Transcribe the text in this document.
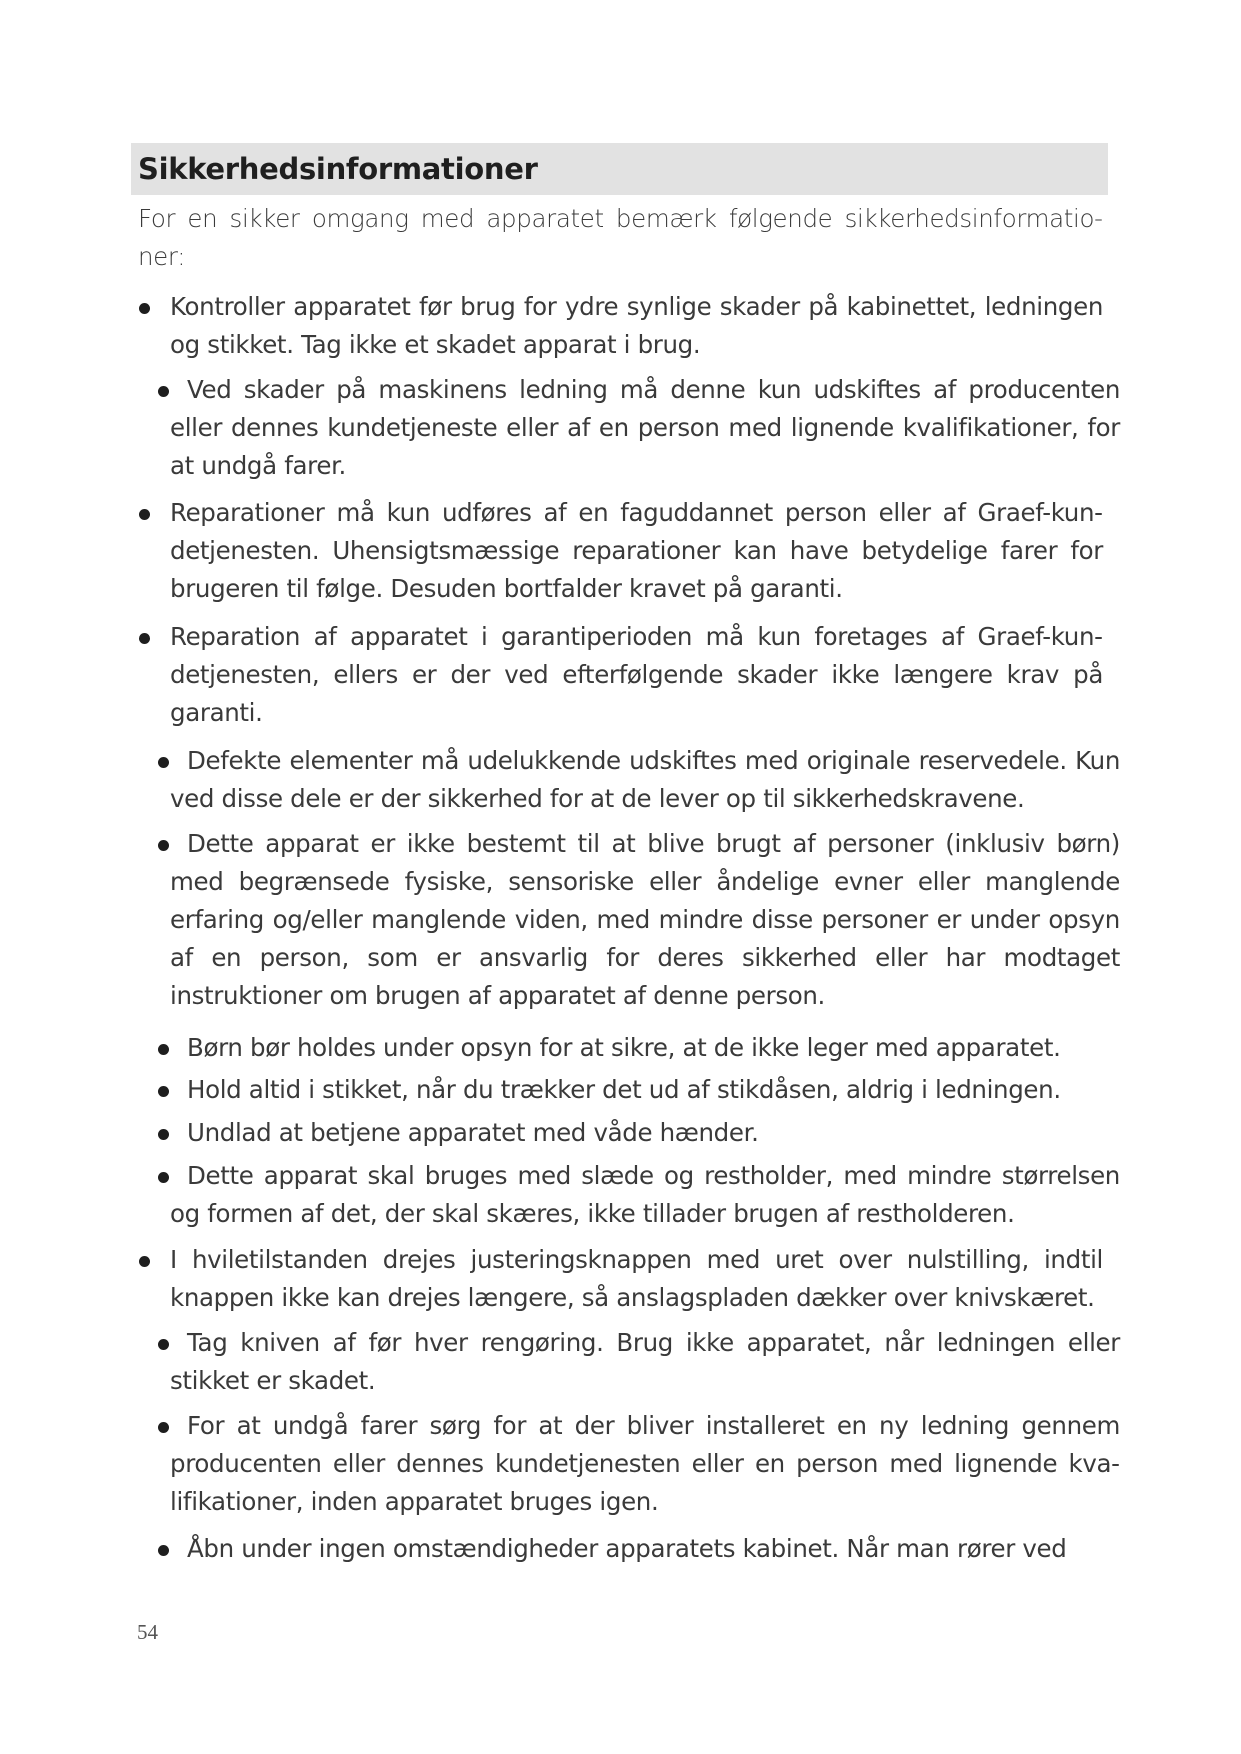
Sikkerhedsinformationer

For en sikker omgang med apparatet bemærk følgende sikkerhedsinformationer:

Kontroller apparatet før brug for ydre synlige skader på kabinettet, ledningen og stikket. Tag ikke et skadet apparat i brug.

Ved skader på maskinens ledning må denne kun udskiftes af producenten eller dennes kundetjeneste eller af en person med lignende kvalifikationer, for at undgå farer.

Reparationer må kun udføres af en faguddannet person eller af Graef-kundetjenesten. Uhensigtsmæssige reparationer kan have betydelige farer for brugeren til følge. Desuden bortfalder kravet på garanti.

Reparation af apparatet i garantiperioden må kun foretages af Graef-kundetjenesten, ellers er der ved efterfølgende skader ikke længere krav på garanti.

Defekte elementer må udelukkende udskiftes med originale reservedele. Kun ved disse dele er der sikkerhed for at de lever op til sikkerhedskravene.

Dette apparat er ikke bestemt til at blive brugt af personer (inklusiv børn) med begrænsede fysiske, sensoriske eller åndelige evner eller manglende erfaring og/eller manglende viden, med mindre disse personer er under opsyn af en person, som er ansvarlig for deres sikkerhed eller har modtaget instruktioner om brugen af apparatet af denne person.

Børn bør holdes under opsyn for at sikre, at de ikke leger med apparatet.

Hold altid i stikket, når du trækker det ud af stikdåsen, aldrig i ledningen.

Undlad at betjene apparatet med våde hænder.

Dette apparat skal bruges med slæde og restholder, med mindre størrelsen og formen af det, der skal skæres, ikke tillader brugen af restholderen.

I hviletilstanden drejes justeringsknappen med uret over nulstilling, indtil knappen ikke kan drejes længere, så anslagspladen dækker over knivskæret.

Tag kniven af før hver rengøring. Brug ikke apparatet, når ledningen eller stikket er skadet.

For at undgå farer sørg for at der bliver installeret en ny ledning gennem producenten eller dennes kundetjenesten eller en person med lignende kvalifikationer, inden apparatet bruges igen.

Åbn under ingen omstændigheder apparatets kabinet. Når man rører ved

54
